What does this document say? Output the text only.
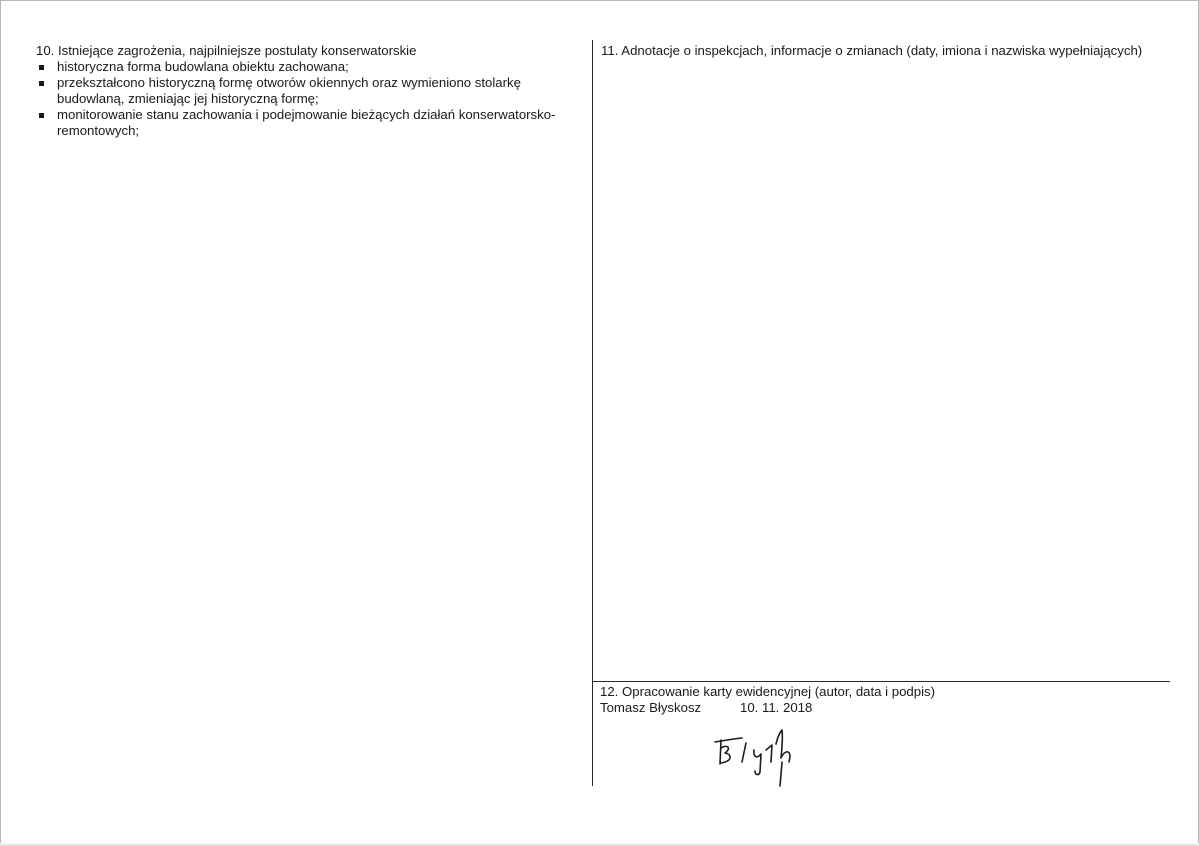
10. Istniejące zagrożenia, najpilniejsze postulaty konserwatorskie
historyczna forma budowlana obiektu zachowana;
przekształcono historyczną formę otworów okiennych oraz wymieniono stolarkę budowlaną, zmieniając jej historyczną formę;
monitorowanie stanu zachowania i podejmowanie bieżących działań konserwatorsko-remontowych;
11. Adnotacje o inspekcjach, informacje o zmianach (daty, imiona i nazwiska wypełniających)
12. Opracowanie karty ewidencyjnej (autor, data i podpis)
Tomasz Błyskosz	10. 11. 2018
